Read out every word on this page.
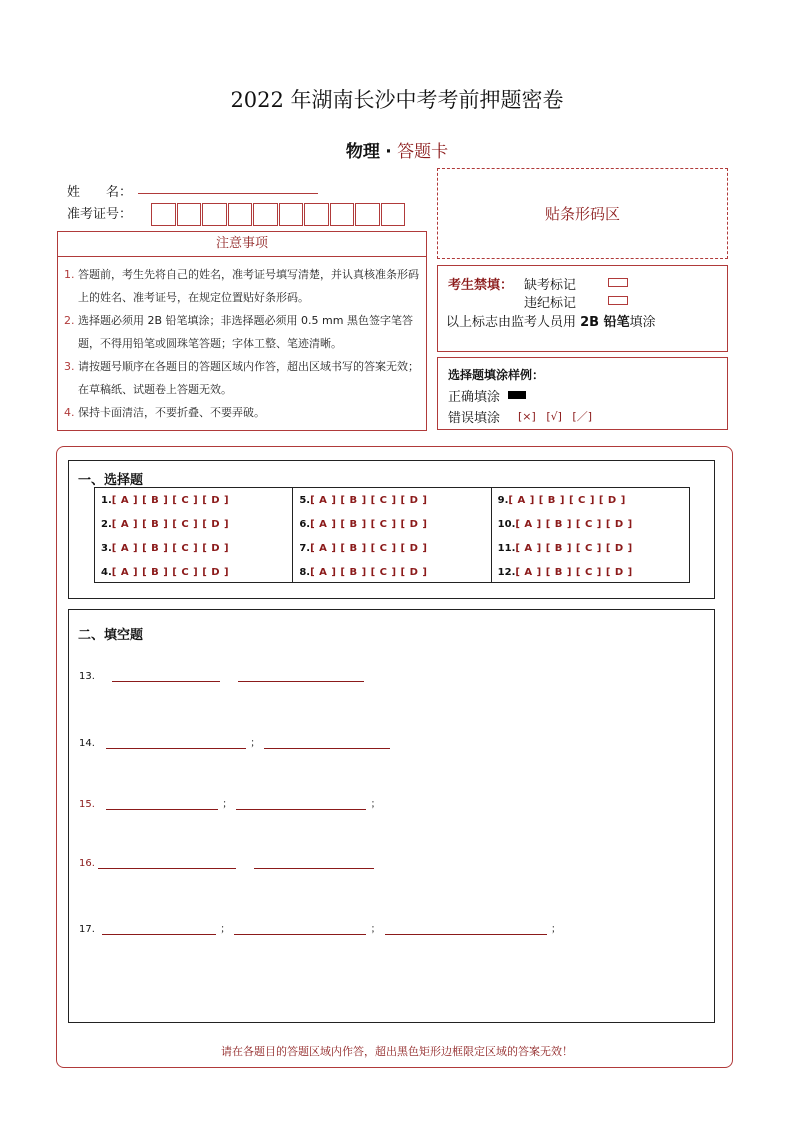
2022 年湖南长沙中考考前押题密卷
物理 · 答题卡
姓　　名：
准考证号：	贴条形码区
注意事项
1. 答题前，考生先将自己的姓名，准考证号填写清楚，并认真核准条形码上的姓名、准考证号，在规定位置贴好条形码。
2. 选择题必须用 2B 铅笔填涂；非选择题必须用 0.5 mm 黑色签字笔答题，不得用铅笔或圆珠笔答题；字体工整、笔迹清晰。
3. 请按题号顺序在各题目的答题区域内作答，超出区域书写的答案无效；在草稿纸、试题卷上答题无效。
4. 保持卡面清洁，不要折叠、不要弄破。
考生禁填： 缺考标记
违纪标记
以上标志由监考人员用 2B 铅笔填涂
选择题填涂样例：
正确填涂
错误填涂 [×] [√] [／]
一、选择题
1.[ A ] [ B ] [ C ] [ D ]
2.[ A ] [ B ] [ C ] [ D ]
3.[ A ] [ B ] [ C ] [ D ]
4.[ A ] [ B ] [ C ] [ D ]
5.[ A ] [ B ] [ C ] [ D ]
6.[ A ] [ B ] [ C ] [ D ]
7.[ A ] [ B ] [ C ] [ D ]
8.[ A ] [ B ] [ C ] [ D ]
9.[ A ] [ B ] [ C ] [ D ]
10.[ A ] [ B ] [ C ] [ D ]
11.[ A ] [ B ] [ C ] [ D ]
12.[ A ] [ B ] [ C ] [ D ]
二、填空题
13.
14.	；
15.	；	；
16.
17.	；	；	；
请在各题目的答题区域内作答，超出黑色矩形边框限定区域的答案无效！
